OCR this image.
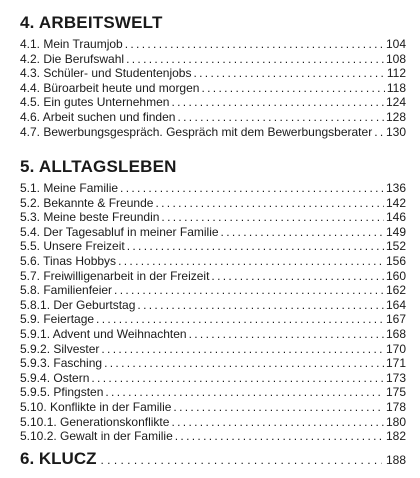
4. ARBEITSWELT
4.1. Mein Traumjob . . .	104
4.2. Die Berufswahl . . .	108
4.3. Schüler- und Studentenjobs . . .	112
4.4. Büroarbeit heute und morgen . . .	118
4.5. Ein gutes Unternehmen . . .	124
4.6. Arbeit suchen und finden . . .	128
4.7. Bewerbungsgespräch. Gespräch mit dem Bewerbungsberater . . . 130
5. ALLTAGSLEBEN
5.1. Meine Familie . . .	136
5.2. Bekannte & Freunde . . .	142
5.3. Meine beste Freundin . . .	146
5.4. Der Tagesabluf in meiner Familie . . .	149
5.5. Unsere Freizeit . . .	152
5.6. Tinas Hobbys . . .	156
5.7. Freiwilligenarbeit in der Freizeit . . .	160
5.8. Familienfeier . . .	162
5.8.1. Der Geburtstag . . .	164
5.9. Feiertage . . .	167
5.9.1. Advent und Weihnachten . . .	168
5.9.2. Silvester . . .	170
5.9.3. Fasching . . .	171
5.9.4. Ostern . . .	173
5.9.5. Pfingsten . . .	175
5.10. Konflikte in der Familie . . .	178
5.10.1. Generationskonflikte . . .	180
5.10.2. Gewalt in der Familie . . .	182
6. KLUCZ . . .	188
